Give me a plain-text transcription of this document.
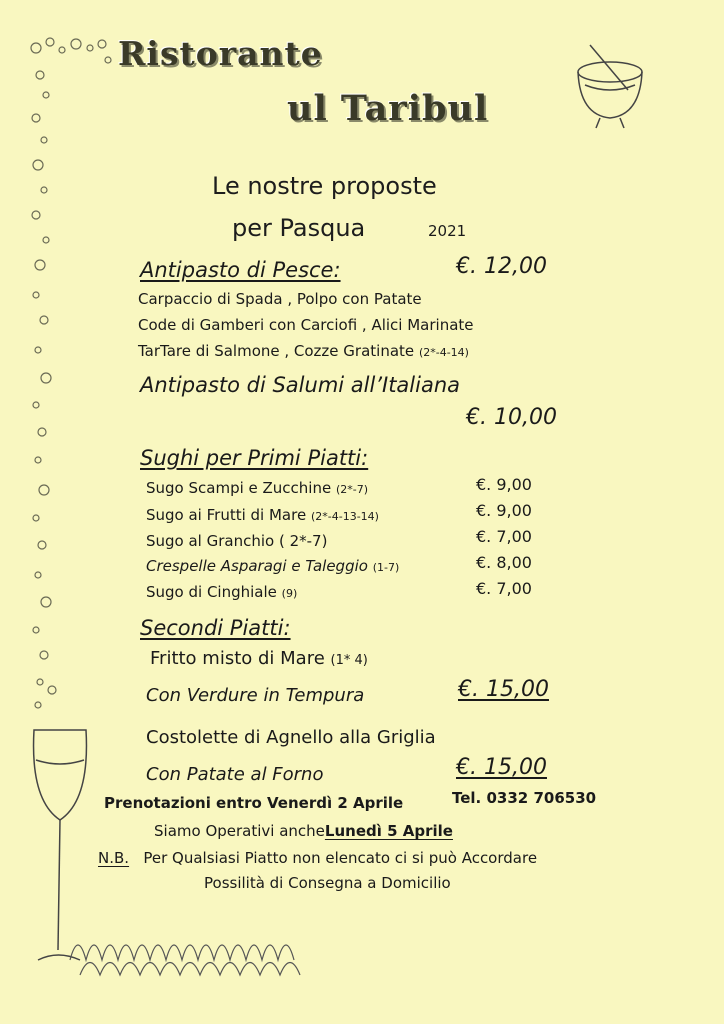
Ristorante
ul Taribul
Le nostre proposte
per Pasqua	2021
Antipasto di Pesce:	€. 12,00
Carpaccio di Spada , Polpo con Patate
Code di Gamberi con Carciofi , Alici Marinate
TarTare di Salmone , Cozze Gratinate (2*-4-14)
Antipasto di Salumi all’Italiana
€. 10,00
Sughi per Primi Piatti:
Sugo Scampi e Zucchine (2*-7)	€. 9,00
Sugo ai Frutti di Mare (2*-4-13-14)	€. 9,00
Sugo al Granchio ( 2*-7)	€. 7,00
Crespelle Asparagi e Taleggio (1-7)	€. 8,00
Sugo di Cinghiale (9)	€. 7,00
Secondi Piatti:
Fritto misto di Mare (1* 4)
Con Verdure in Tempura	€. 15,00
Costolette di Agnello alla Griglia
Con Patate al Forno	€. 15,00
Prenotazioni entro Venerdì 2 Aprile	Tel. 0332 706530
Siamo Operativi ancheLunedì 5 Aprile
N.B. Per Qualsiasi Piatto non elencato ci si può Accordare
Possilità di Consegna a Domicilio
